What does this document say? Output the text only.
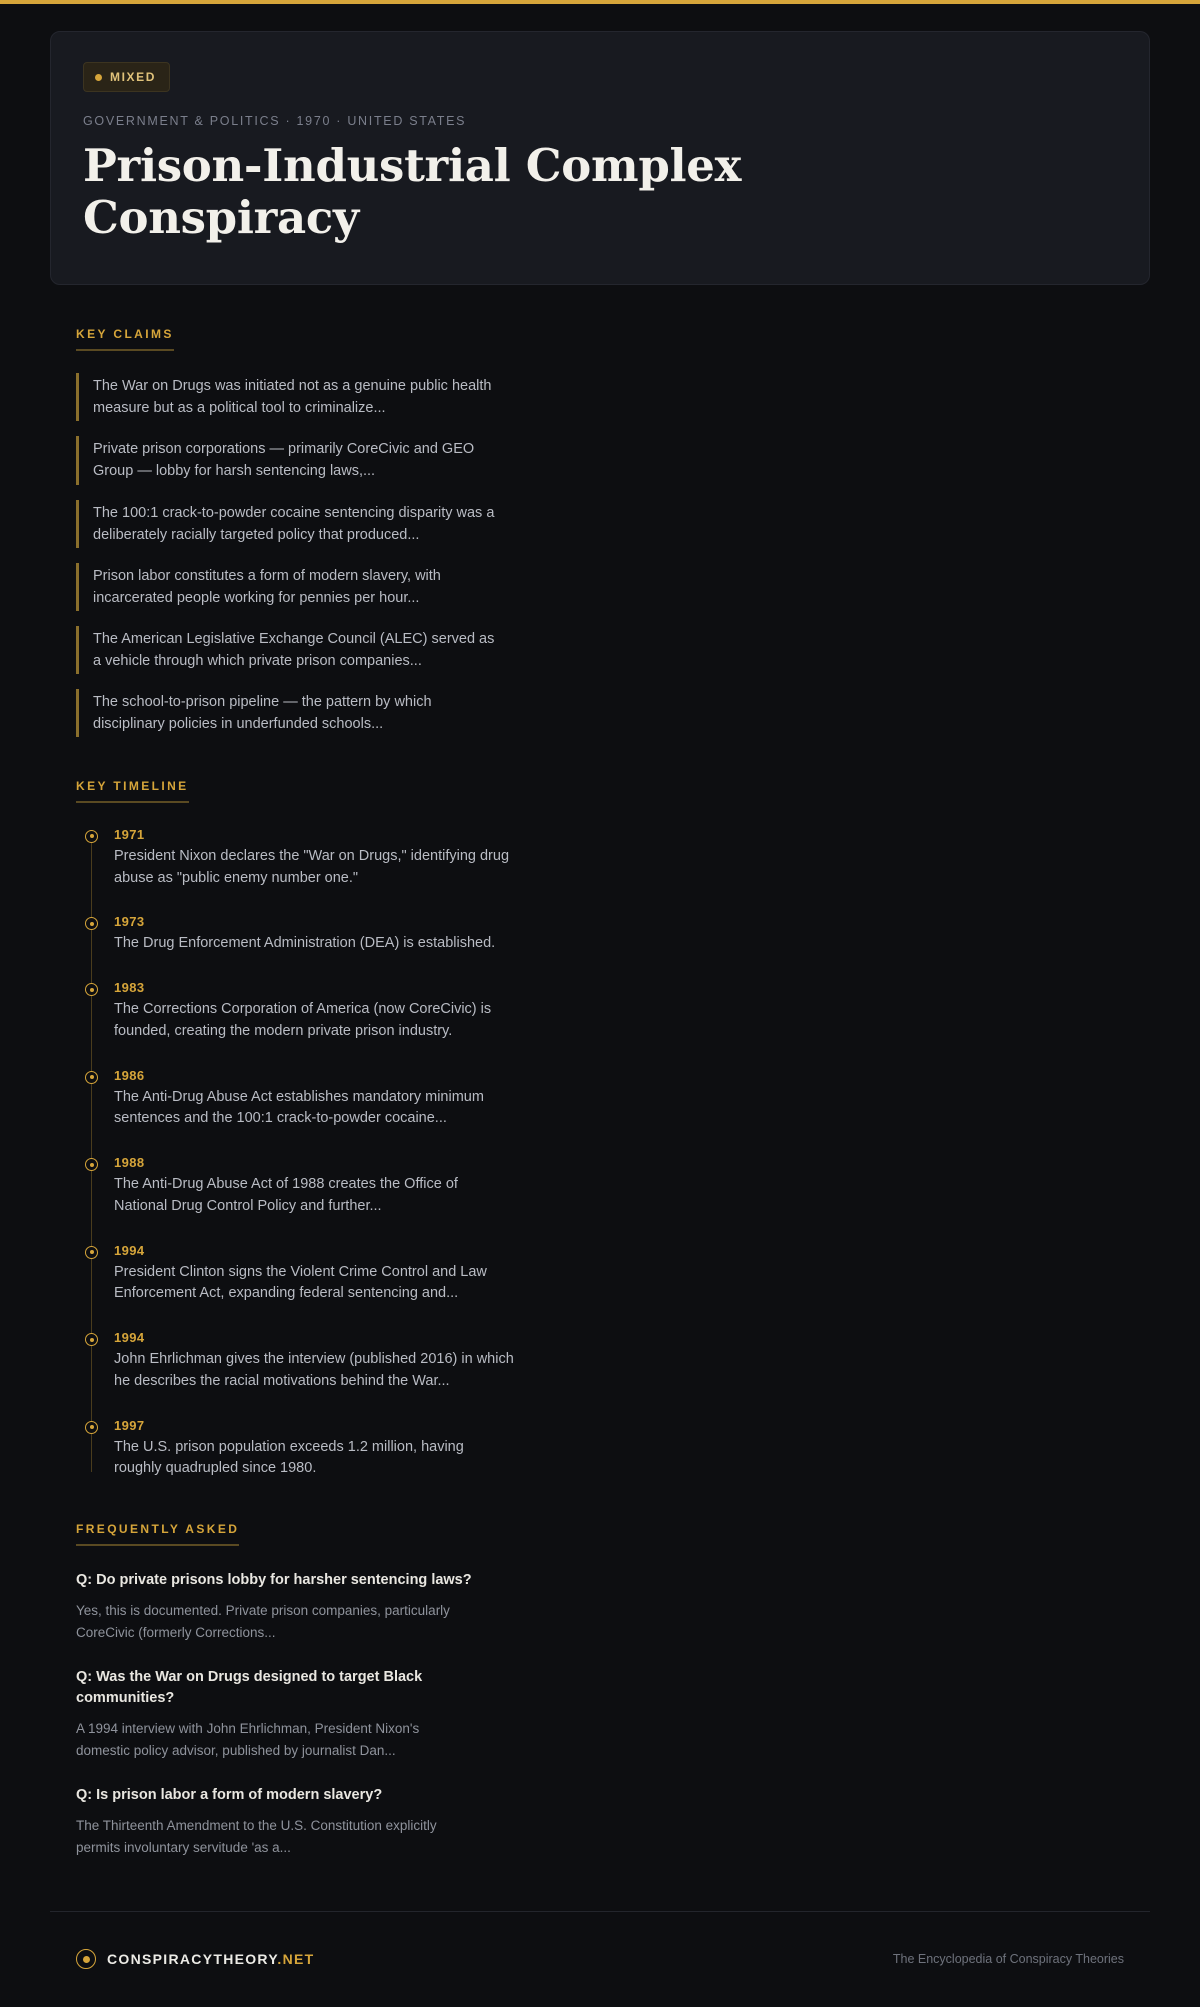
MIXED
GOVERNMENT & POLITICS · 1970 · UNITED STATES
Prison-Industrial Complex Conspiracy
KEY CLAIMS

The War on Drugs was initiated not as a genuine public health measure but as a political tool to criminalize...

Private prison corporations — primarily CoreCivic and GEO Group — lobby for harsh sentencing laws,...

The 100:1 crack-to-powder cocaine sentencing disparity was a deliberately racially targeted policy that produced...

Prison labor constitutes a form of modern slavery, with incarcerated people working for pennies per hour...

The American Legislative Exchange Council (ALEC) served as a vehicle through which private prison companies...

The school-to-prison pipeline — the pattern by which disciplinary policies in underfunded schools...

KEY TIMELINE
1971
President Nixon declares the "War on Drugs," identifying drug abuse as "public enemy number one."
1973
The Drug Enforcement Administration (DEA) is established.
1983
The Corrections Corporation of America (now CoreCivic) is founded, creating the modern private prison industry.
1986
The Anti-Drug Abuse Act establishes mandatory minimum sentences and the 100:1 crack-to-powder cocaine...
1988
The Anti-Drug Abuse Act of 1988 creates the Office of National Drug Control Policy and further...
1994
President Clinton signs the Violent Crime Control and Law Enforcement Act, expanding federal sentencing and...
1994
John Ehrlichman gives the interview (published 2016) in which he describes the racial motivations behind the War...
1997
The U.S. prison population exceeds 1.2 million, having roughly quadrupled since 1980.
FREQUENTLY ASKED
Q: Do private prisons lobby for harsher sentencing laws?
Yes, this is documented. Private prison companies, particularly CoreCivic (formerly Corrections...
Q: Was the War on Drugs designed to target Black communities?
A 1994 interview with John Ehrlichman, President Nixon's domestic policy advisor, published by journalist Dan...
Q: Is prison labor a form of modern slavery?
The Thirteenth Amendment to the U.S. Constitution explicitly permits involuntary servitude 'as a...
CONSPIRACYTHEORY.NET	The Encyclopedia of Conspiracy Theories
